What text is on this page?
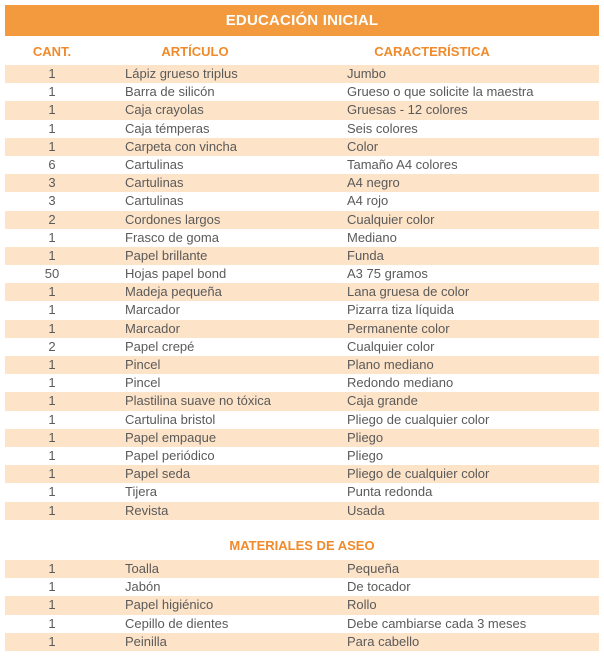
EDUCACIÓN INICIAL
CANT.	ARTÍCULO	CARACTERÍSTICA
1	Lápiz grueso triplus	Jumbo
1	Barra de silicón	Grueso o que solicite la maestra
1	Caja crayolas	Gruesas - 12 colores
1	Caja témperas	Seis colores
1	Carpeta con vincha	Color
6	Cartulinas	Tamaño A4 colores
3	Cartulinas	A4 negro
3	Cartulinas	A4 rojo
2	Cordones largos	Cualquier color
1	Frasco de goma	Mediano
1	Papel brillante	Funda
50	Hojas papel bond	A3 75 gramos
1	Madeja pequeña	Lana gruesa de color
1	Marcador	Pizarra tiza líquida
1	Marcador	Permanente color
2	Papel crepé	Cualquier color
1	Pincel	Plano mediano
1	Pincel	Redondo mediano
1	Plastilina suave no tóxica	Caja grande
1	Cartulina bristol	Pliego de cualquier color
1	Papel empaque	Pliego
1	Papel periódico	Pliego
1	Papel seda	Pliego de cualquier color
1	Tijera	Punta redonda
1	Revista	Usada
MATERIALES DE ASEO
1	Toalla	Pequeña
1	Jabón	De tocador
1	Papel higiénico	Rollo
1	Cepillo de dientes	Debe cambiarse cada 3 meses
1	Peinilla	Para cabello
